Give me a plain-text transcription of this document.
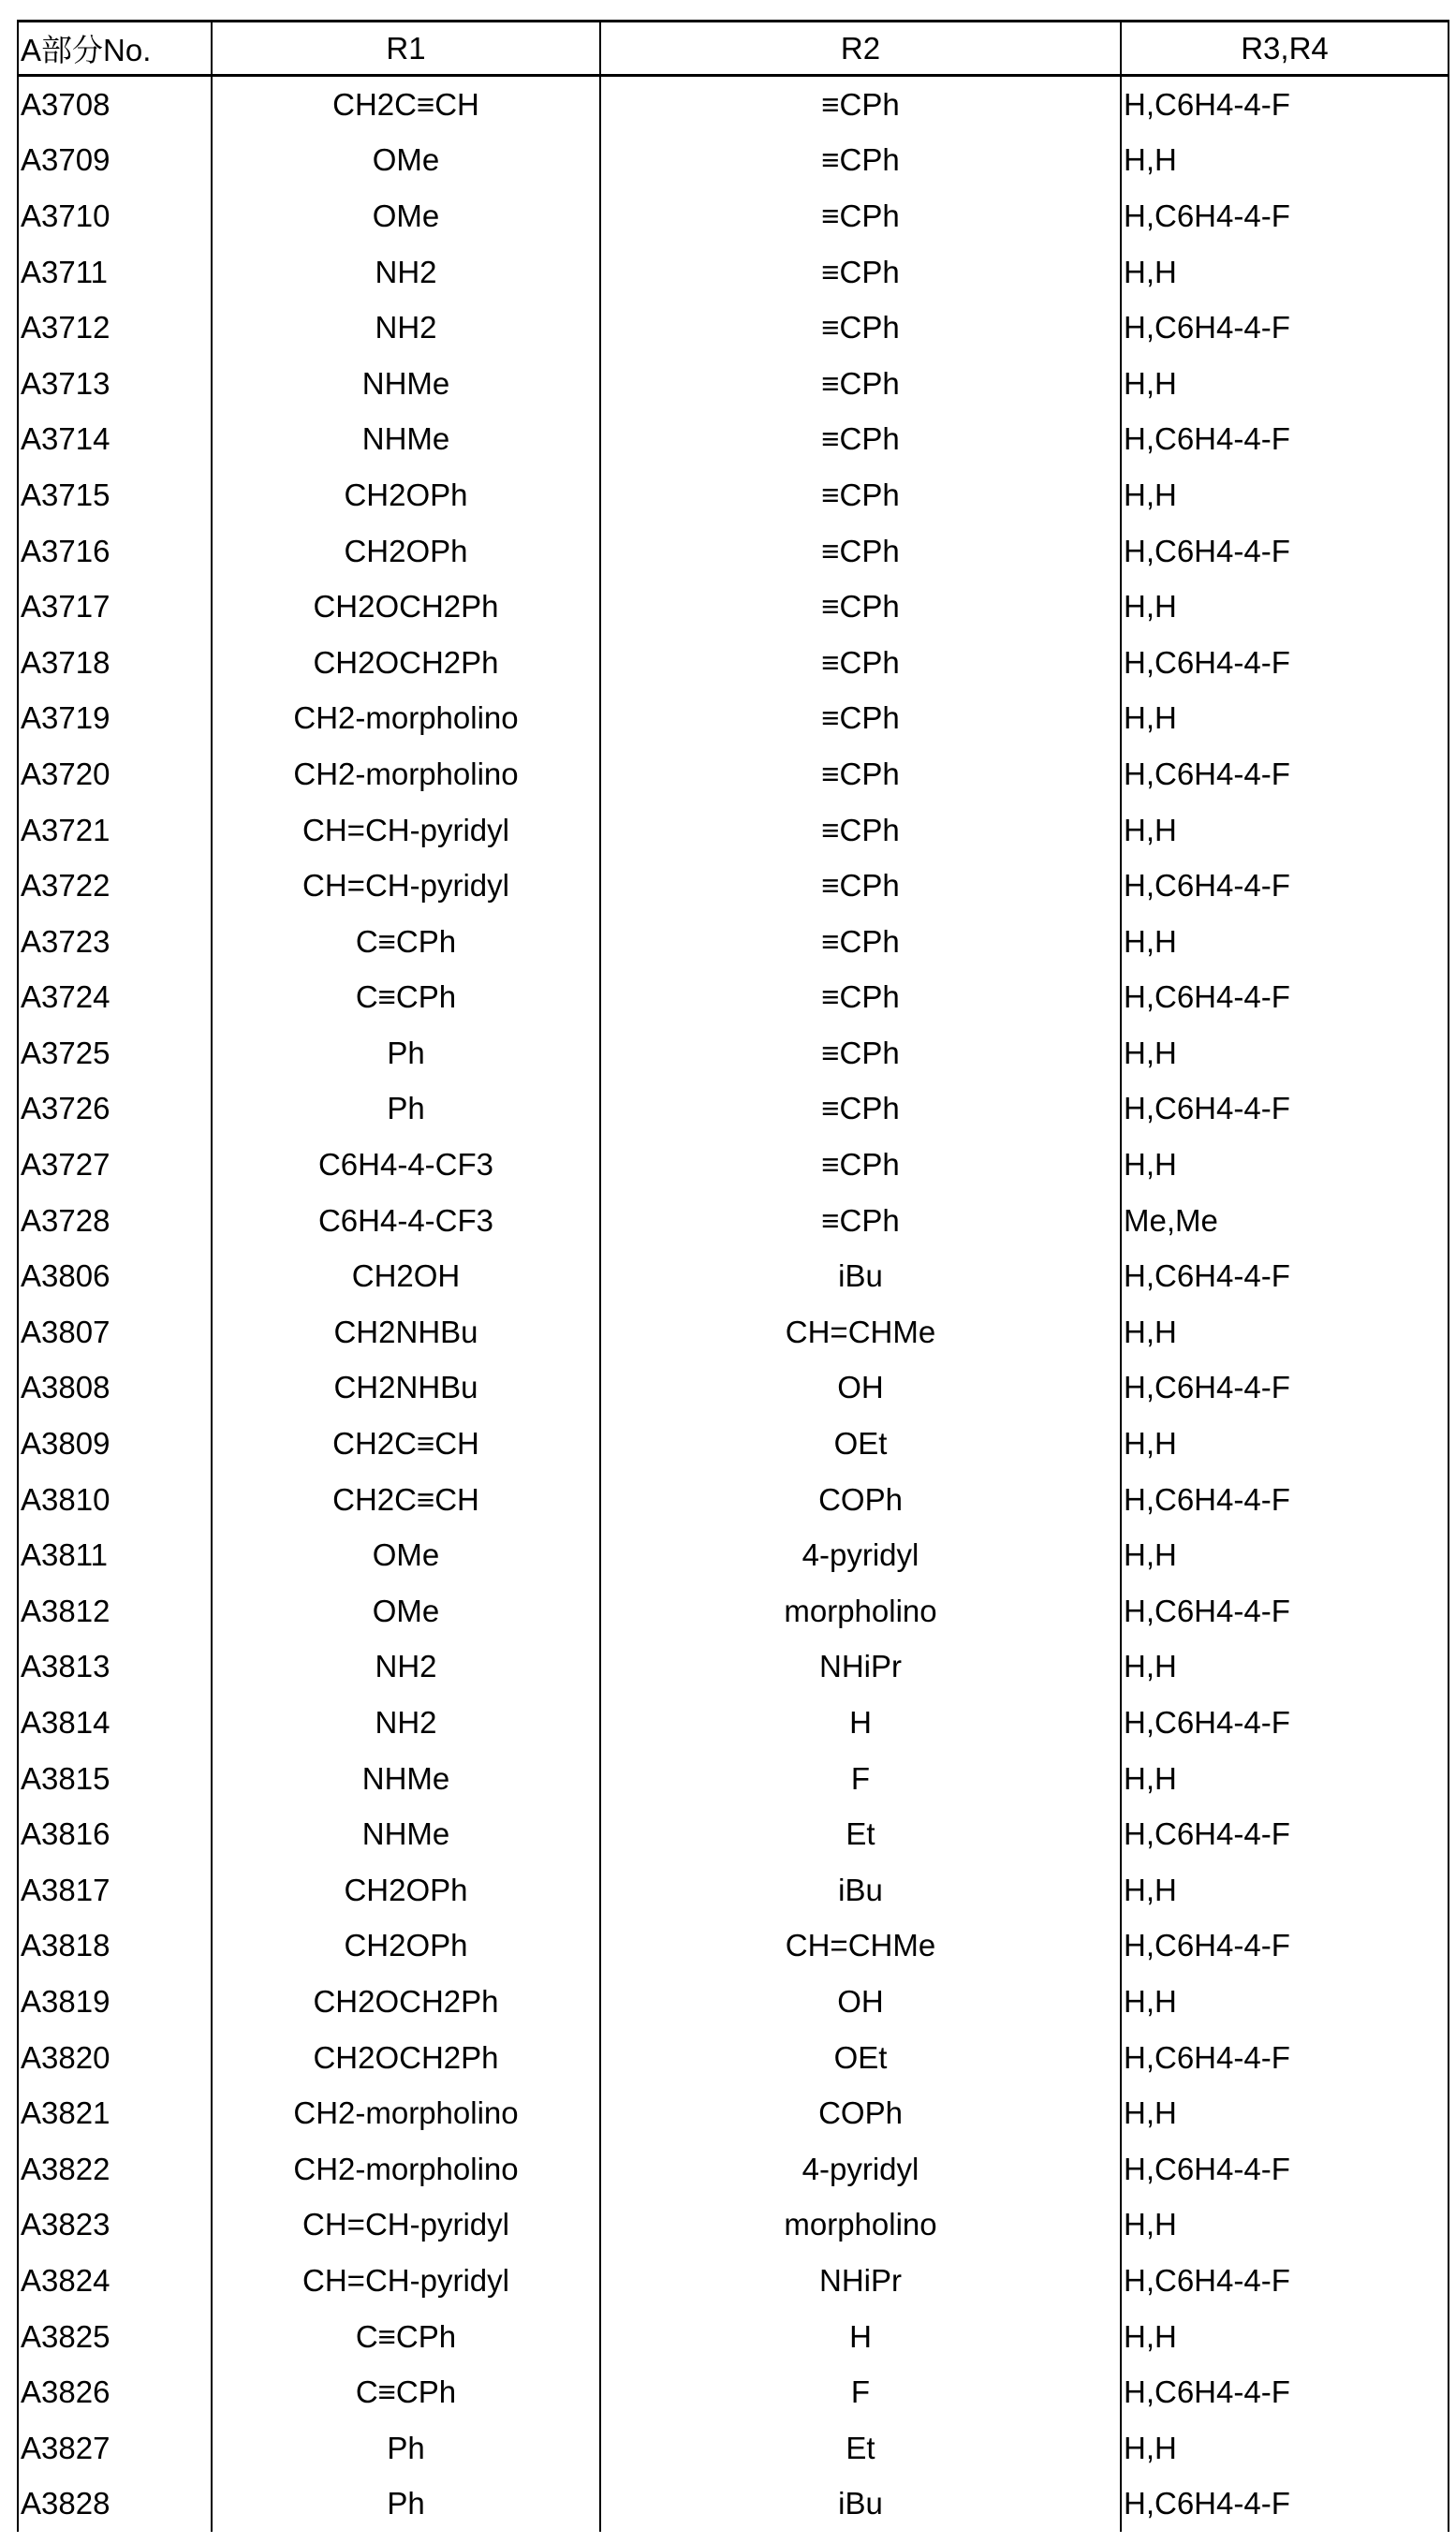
A部分No.	R1	R2	R3,R4
A3708	CH2C≡CH	≡CPh	H,C6H4-4-F
A3709	OMe	≡CPh	H,H
A3710	OMe	≡CPh	H,C6H4-4-F
A3711	NH2	≡CPh	H,H
A3712	NH2	≡CPh	H,C6H4-4-F
A3713	NHMe	≡CPh	H,H
A3714	NHMe	≡CPh	H,C6H4-4-F
A3715	CH2OPh	≡CPh	H,H
A3716	CH2OPh	≡CPh	H,C6H4-4-F
A3717	CH2OCH2Ph	≡CPh	H,H
A3718	CH2OCH2Ph	≡CPh	H,C6H4-4-F
A3719	CH2-morpholino	≡CPh	H,H
A3720	CH2-morpholino	≡CPh	H,C6H4-4-F
A3721	CH=CH-pyridyl	≡CPh	H,H
A3722	CH=CH-pyridyl	≡CPh	H,C6H4-4-F
A3723	C≡CPh	≡CPh	H,H
A3724	C≡CPh	≡CPh	H,C6H4-4-F
A3725	Ph	≡CPh	H,H
A3726	Ph	≡CPh	H,C6H4-4-F
A3727	C6H4-4-CF3	≡CPh	H,H
A3728	C6H4-4-CF3	≡CPh	Me,Me
A3806	CH2OH	iBu	H,C6H4-4-F
A3807	CH2NHBu	CH=CHMe	H,H
A3808	CH2NHBu	OH	H,C6H4-4-F
A3809	CH2C≡CH	OEt	H,H
A3810	CH2C≡CH	COPh	H,C6H4-4-F
A3811	OMe	4-pyridyl	H,H
A3812	OMe	morpholino	H,C6H4-4-F
A3813	NH2	NHiPr	H,H
A3814	NH2	H	H,C6H4-4-F
A3815	NHMe	F	H,H
A3816	NHMe	Et	H,C6H4-4-F
A3817	CH2OPh	iBu	H,H
A3818	CH2OPh	CH=CHMe	H,C6H4-4-F
A3819	CH2OCH2Ph	OH	H,H
A3820	CH2OCH2Ph	OEt	H,C6H4-4-F
A3821	CH2-morpholino	COPh	H,H
A3822	CH2-morpholino	4-pyridyl	H,C6H4-4-F
A3823	CH=CH-pyridyl	morpholino	H,H
A3824	CH=CH-pyridyl	NHiPr	H,C6H4-4-F
A3825	C≡CPh	H	H,H
A3826	C≡CPh	F	H,C6H4-4-F
A3827	Ph	Et	H,H
A3828	Ph	iBu	H,C6H4-4-F
